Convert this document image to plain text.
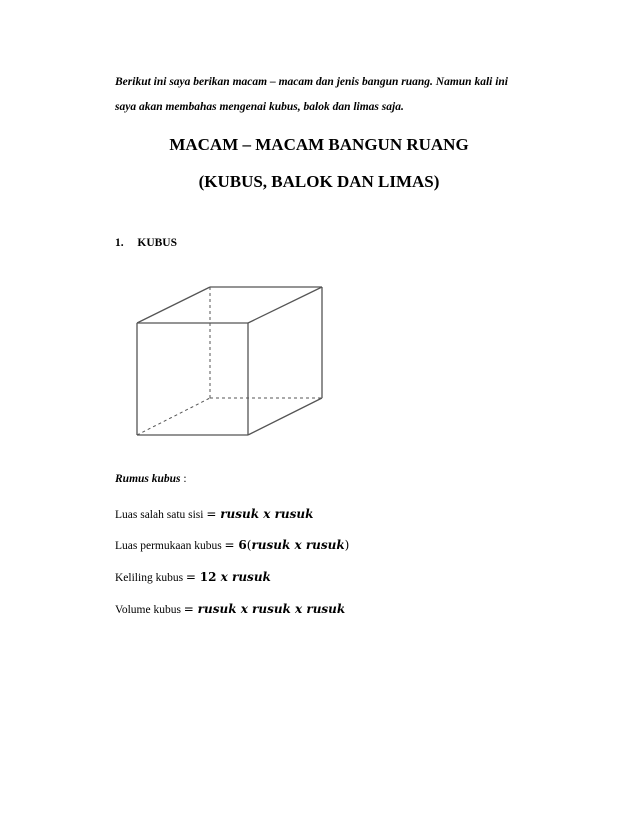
Berikut ini saya berikan macam – macam dan jenis bangun ruang. Namun kali ini
saya akan membahas mengenai kubus, balok dan limas saja.
MACAM – MACAM BANGUN RUANG
(KUBUS, BALOK DAN LIMAS)
1. KUBUS
Rumus kubus :
Luas salah satu sisi = rusuk x rusuk
Luas permukaan kubus = 6(rusuk x rusuk)
Keliling kubus = 12 x rusuk
Volume kubus = rusuk x rusuk x rusuk
